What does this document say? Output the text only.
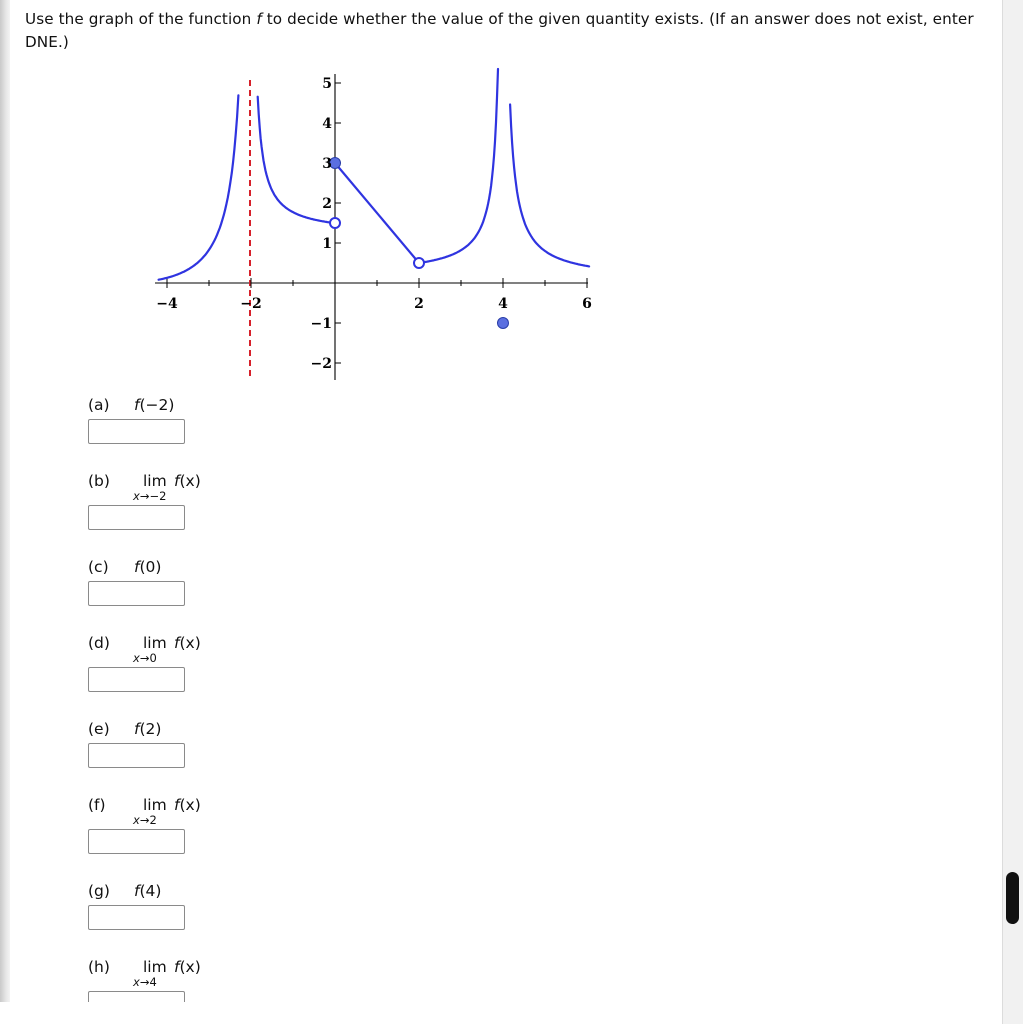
Use the graph of the function f to decide whether the value of the given quantity exists. (If an answer does not exist, enter
DNE.)
−4	−2	2	4	6
5
4
3
2
1
−1
−2
(a) f(−2)
(b) lim
x→−2
f(x)
(c) f(0)
(d) lim
x→0
f(x)
(e) f(2)
(f) lim
x→2
f(x)
(g) f(4)
(h) lim
x→4
f(x)
